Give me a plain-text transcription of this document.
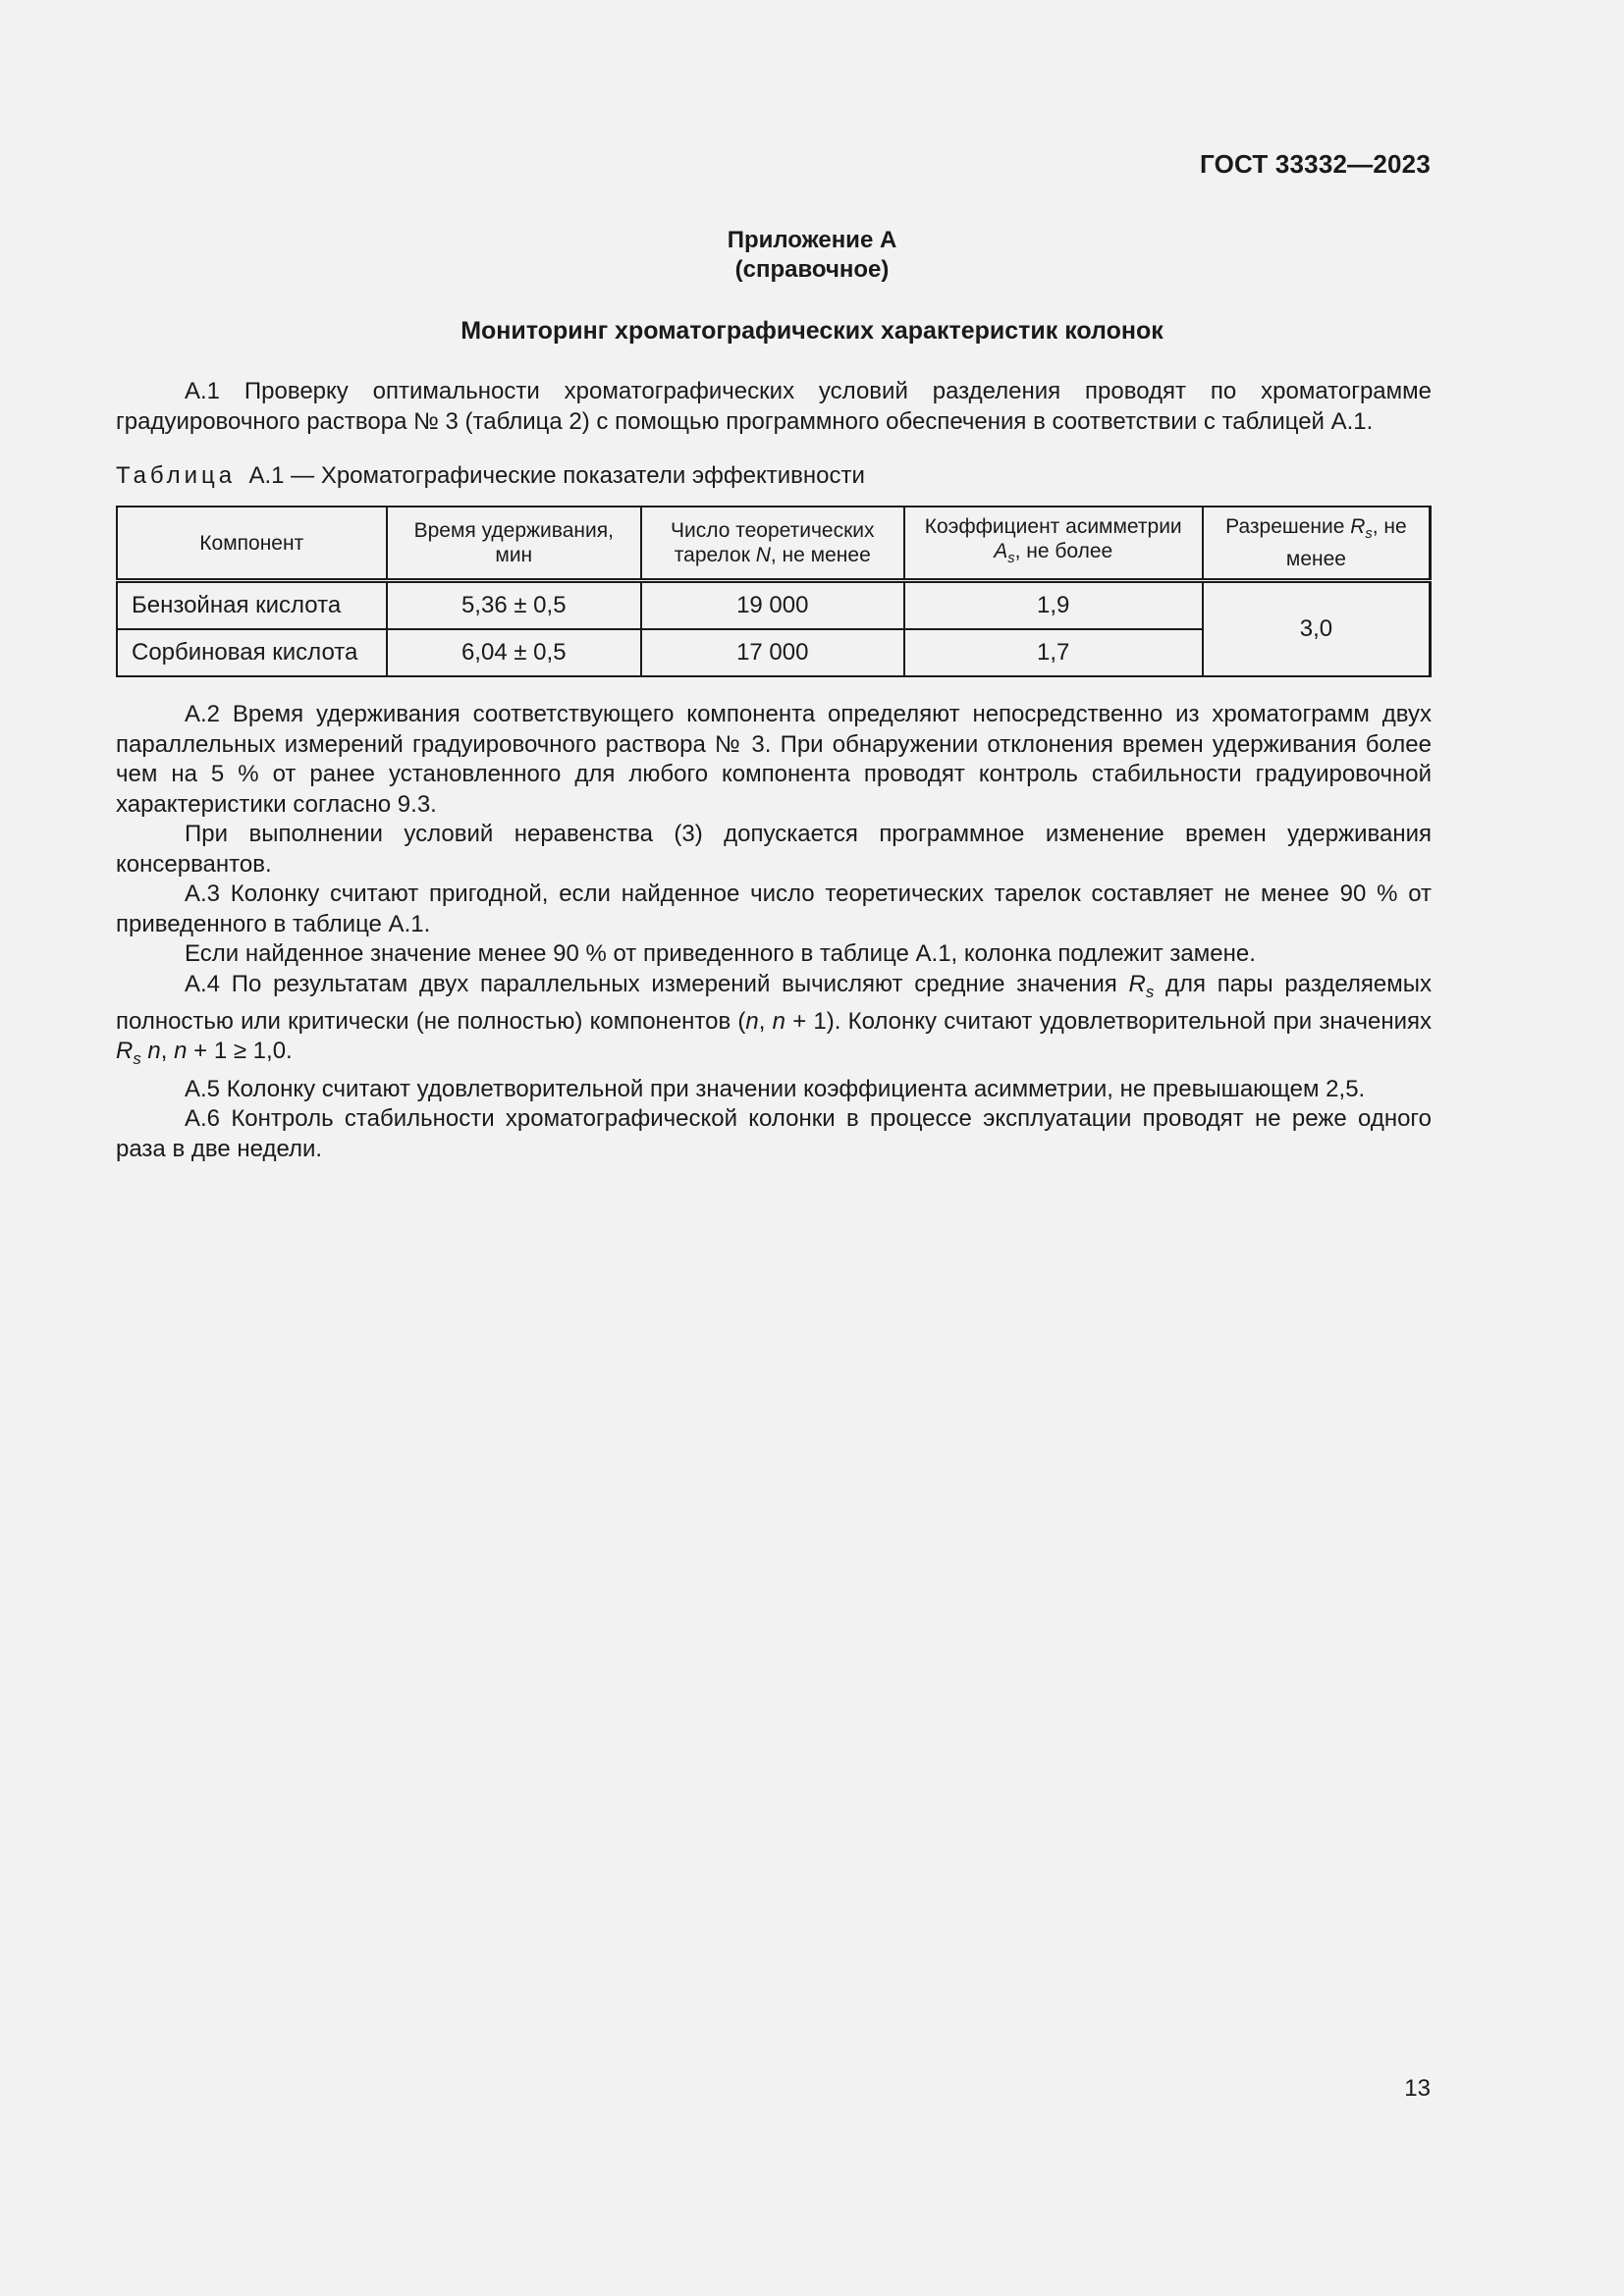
ГОСТ 33332—2023
Приложение А
(справочное)
Мониторинг хроматографических характеристик колонок

А.1 Проверку оптимальности хроматографических условий разделения проводят по хроматограмме градуировочного раствора № 3 (таблица 2) с помощью программного обеспечения в соответствии с таблицей А.1.

Таблица А.1 — Хроматографические показатели эффективности
Компонент	Время удерживания, мин	Число теоретических тарелок N, не менее	Коэффициент асимметрии $A_s$, не более	Разрешение $R_s$, не менее
Бензойная кислота	5,36 ± 0,5	19 000	1,9	3,0
Сорбиновая кислота	6,04 ± 0,5	17 000	1,7	

А.2 Время удерживания соответствующего компонента определяют непосредственно из хроматограмм двух параллельных измерений градуировочного раствора № 3. При обнаружении отклонения времен удерживания более чем на 5 % от ранее установленного для любого компонента проводят контроль стабильности градуировочной характеристики согласно 9.3.

При выполнении условий неравенства (3) допускается программное изменение времен удерживания консервантов.

А.3 Колонку считают пригодной, если найденное число теоретических тарелок составляет не менее 90 % от приведенного в таблице А.1.

Если найденное значение менее 90 % от приведенного в таблице А.1, колонка подлежит замене.

А.4 По результатам двух параллельных измерений вычисляют средние значения $R_s$ для пары разделяемых полностью или критически (не полностью) компонентов (n, n + 1). Колонку считают удовлетворительной при значениях $R_s$ n, n + 1 ≥ 1,0.

А.5 Колонку считают удовлетворительной при значении коэффициента асимметрии, не превышающем 2,5.

А.6 Контроль стабильности хроматографической колонки в процессе эксплуатации проводят не реже одного раза в две недели.

13
